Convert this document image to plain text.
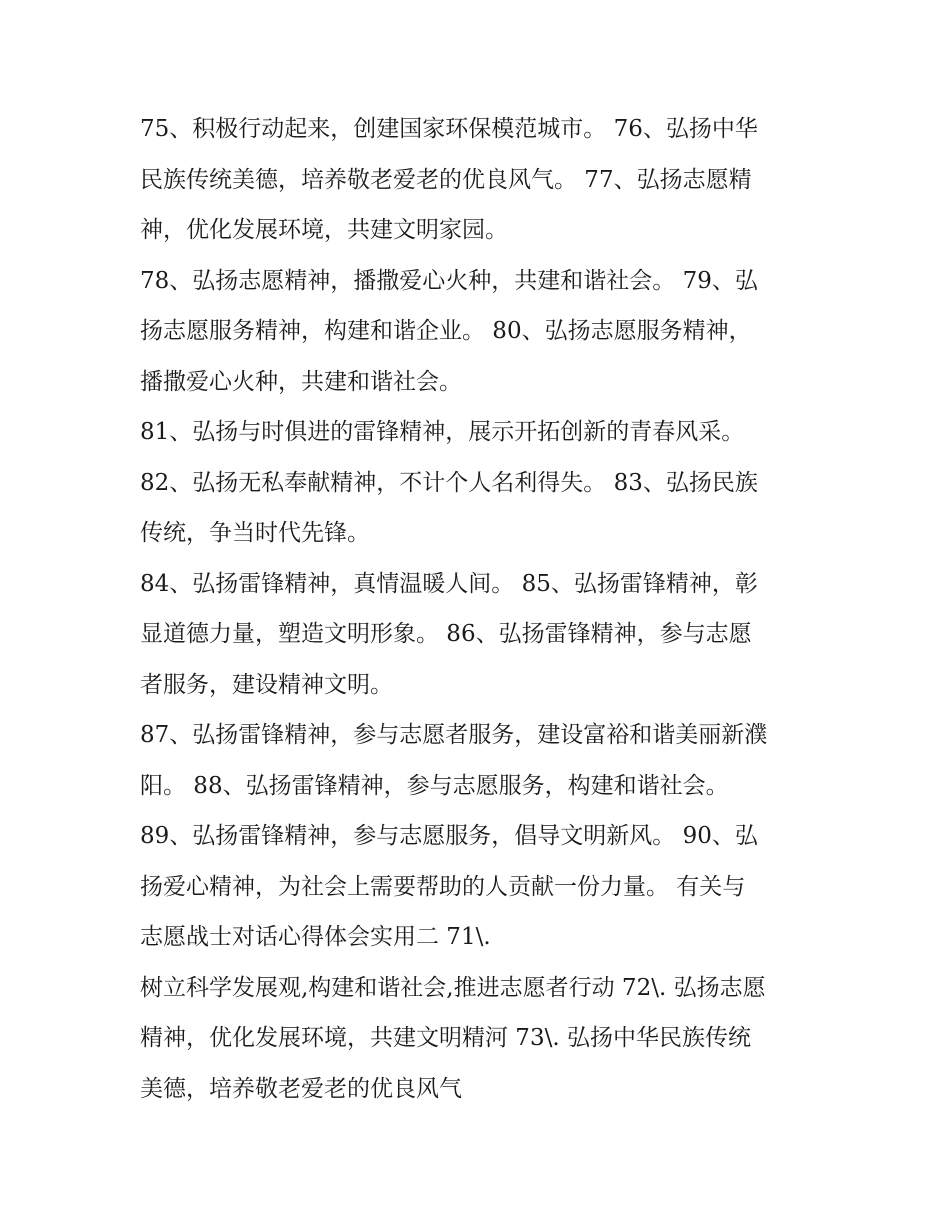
75、积极行动起来，创建国家环保模范城市。 76、弘扬中华
民族传统美德，培养敬老爱老的优良风气。 77、弘扬志愿精
神，优化发展环境，共建文明家园。
78、弘扬志愿精神，播撒爱心火种，共建和谐社会。 79、弘
扬志愿服务精神，构建和谐企业。 80、弘扬志愿服务精神，
播撒爱心火种，共建和谐社会。
81、弘扬与时俱进的雷锋精神，展示开拓创新的青春风采。
82、弘扬无私奉献精神，不计个人名利得失。 83、弘扬民族
传统，争当时代先锋。
84、弘扬雷锋精神，真情温暖人间。 85、弘扬雷锋精神，彰
显道德力量，塑造文明形象。 86、弘扬雷锋精神，参与志愿
者服务，建设精神文明。
87、弘扬雷锋精神，参与志愿者服务，建设富裕和谐美丽新濮
阳。 88、弘扬雷锋精神，参与志愿服务，构建和谐社会。
89、弘扬雷锋精神，参与志愿服务，倡导文明新风。 90、弘
扬爱心精神，为社会上需要帮助的人贡献一份力量。 有关与
志愿战士对话心得体会实用二 71\.
树立科学发展观,构建和谐社会,推进志愿者行动 72\. 弘扬志愿
精神，优化发展环境，共建文明精河 73\. 弘扬中华民族传统
美德，培养敬老爱老的优良风气
